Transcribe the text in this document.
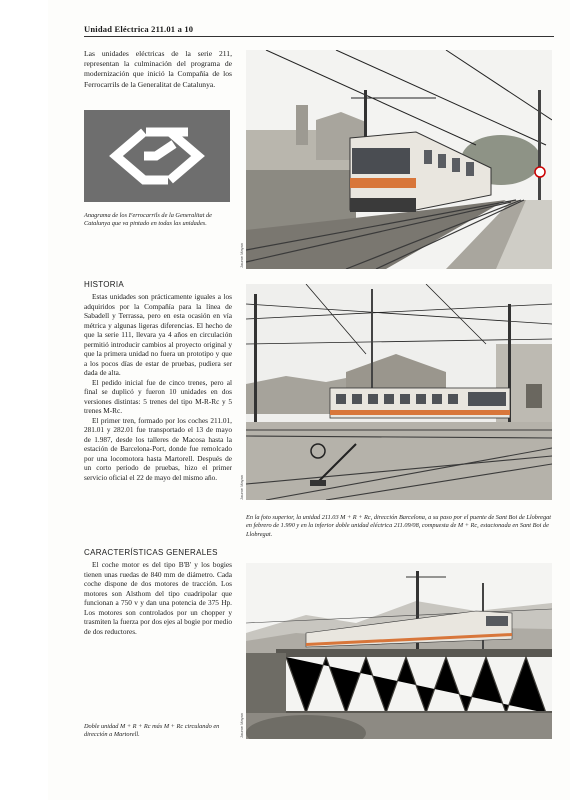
Unidad Eléctrica 211.01 a 10
Las unidades eléctricas de la serie 211, representan la culminación del programa de modernización que inició la Compañía de los Ferrocarrils de la Generalitat de Catalunya.
Anagrama de los Ferrocarrils de la Generalitat de Catalunya que va pintado en todas las unidades.
HISTORIA

Estas unidades son prácticamente iguales a los adquiridos por la Compañía para la línea de Sabadell y Terrassa, pero en esta ocasión en vía métrica y algunas ligeras diferencias. El hecho de que la serie 111, llevara ya 4 años en circulación permitió introducir cambios al proyecto original y que la primera unidad no fuera un prototipo y que a los pocos días de estar de pruebas, pudiera ser dada de alta.

El pedido inicial fue de cinco trenes, pero al final se duplicó y fueron 10 unidades en dos versiones distintas: 5 trenes del tipo M-R-Rc y 5 trenes M-Rc.

El primer tren, formado por los coches 211.01, 281.01 y 282.01 fue transportado el 13 de mayo de 1.987, desde los talleres de Macosa hasta la estación de Barcelona-Port, donde fue remolcado por una locomotora hasta Martorell. Después de un corto periodo de pruebas, hizo el primer servicio oficial el 22 de mayo del mismo año.

CARACTERÍSTICAS GENERALES

El coche motor es del tipo B'B' y los bogies tienen unas ruedas de 840 mm de diámetro. Cada coche dispone de dos motores de tracción. Los motores son Alsthom del tipo cuadripolar que funcionan a 750 v y dan una potencia de 375 Hp. Los motores son controlados por un chopper y trasmiten la fuerza por dos ejes al bogie por medio de dos reductores.

Jaume Mayan
Jaume Mayan
En la foto superior, la unidad 211.03 M + R + Rc, dirección Barcelona, a su paso por el puente de Sant Boi de Llobregat en febrero de 1.990 y en la inferior doble unidad eléctrica 211.09/08, compuesta de M + Rc, estacionada en Sant Boi de Llobregat.
Jaume Mayan
Doble unidad M + R + Rc más M + Rc circulando en dirección a Martorell.
